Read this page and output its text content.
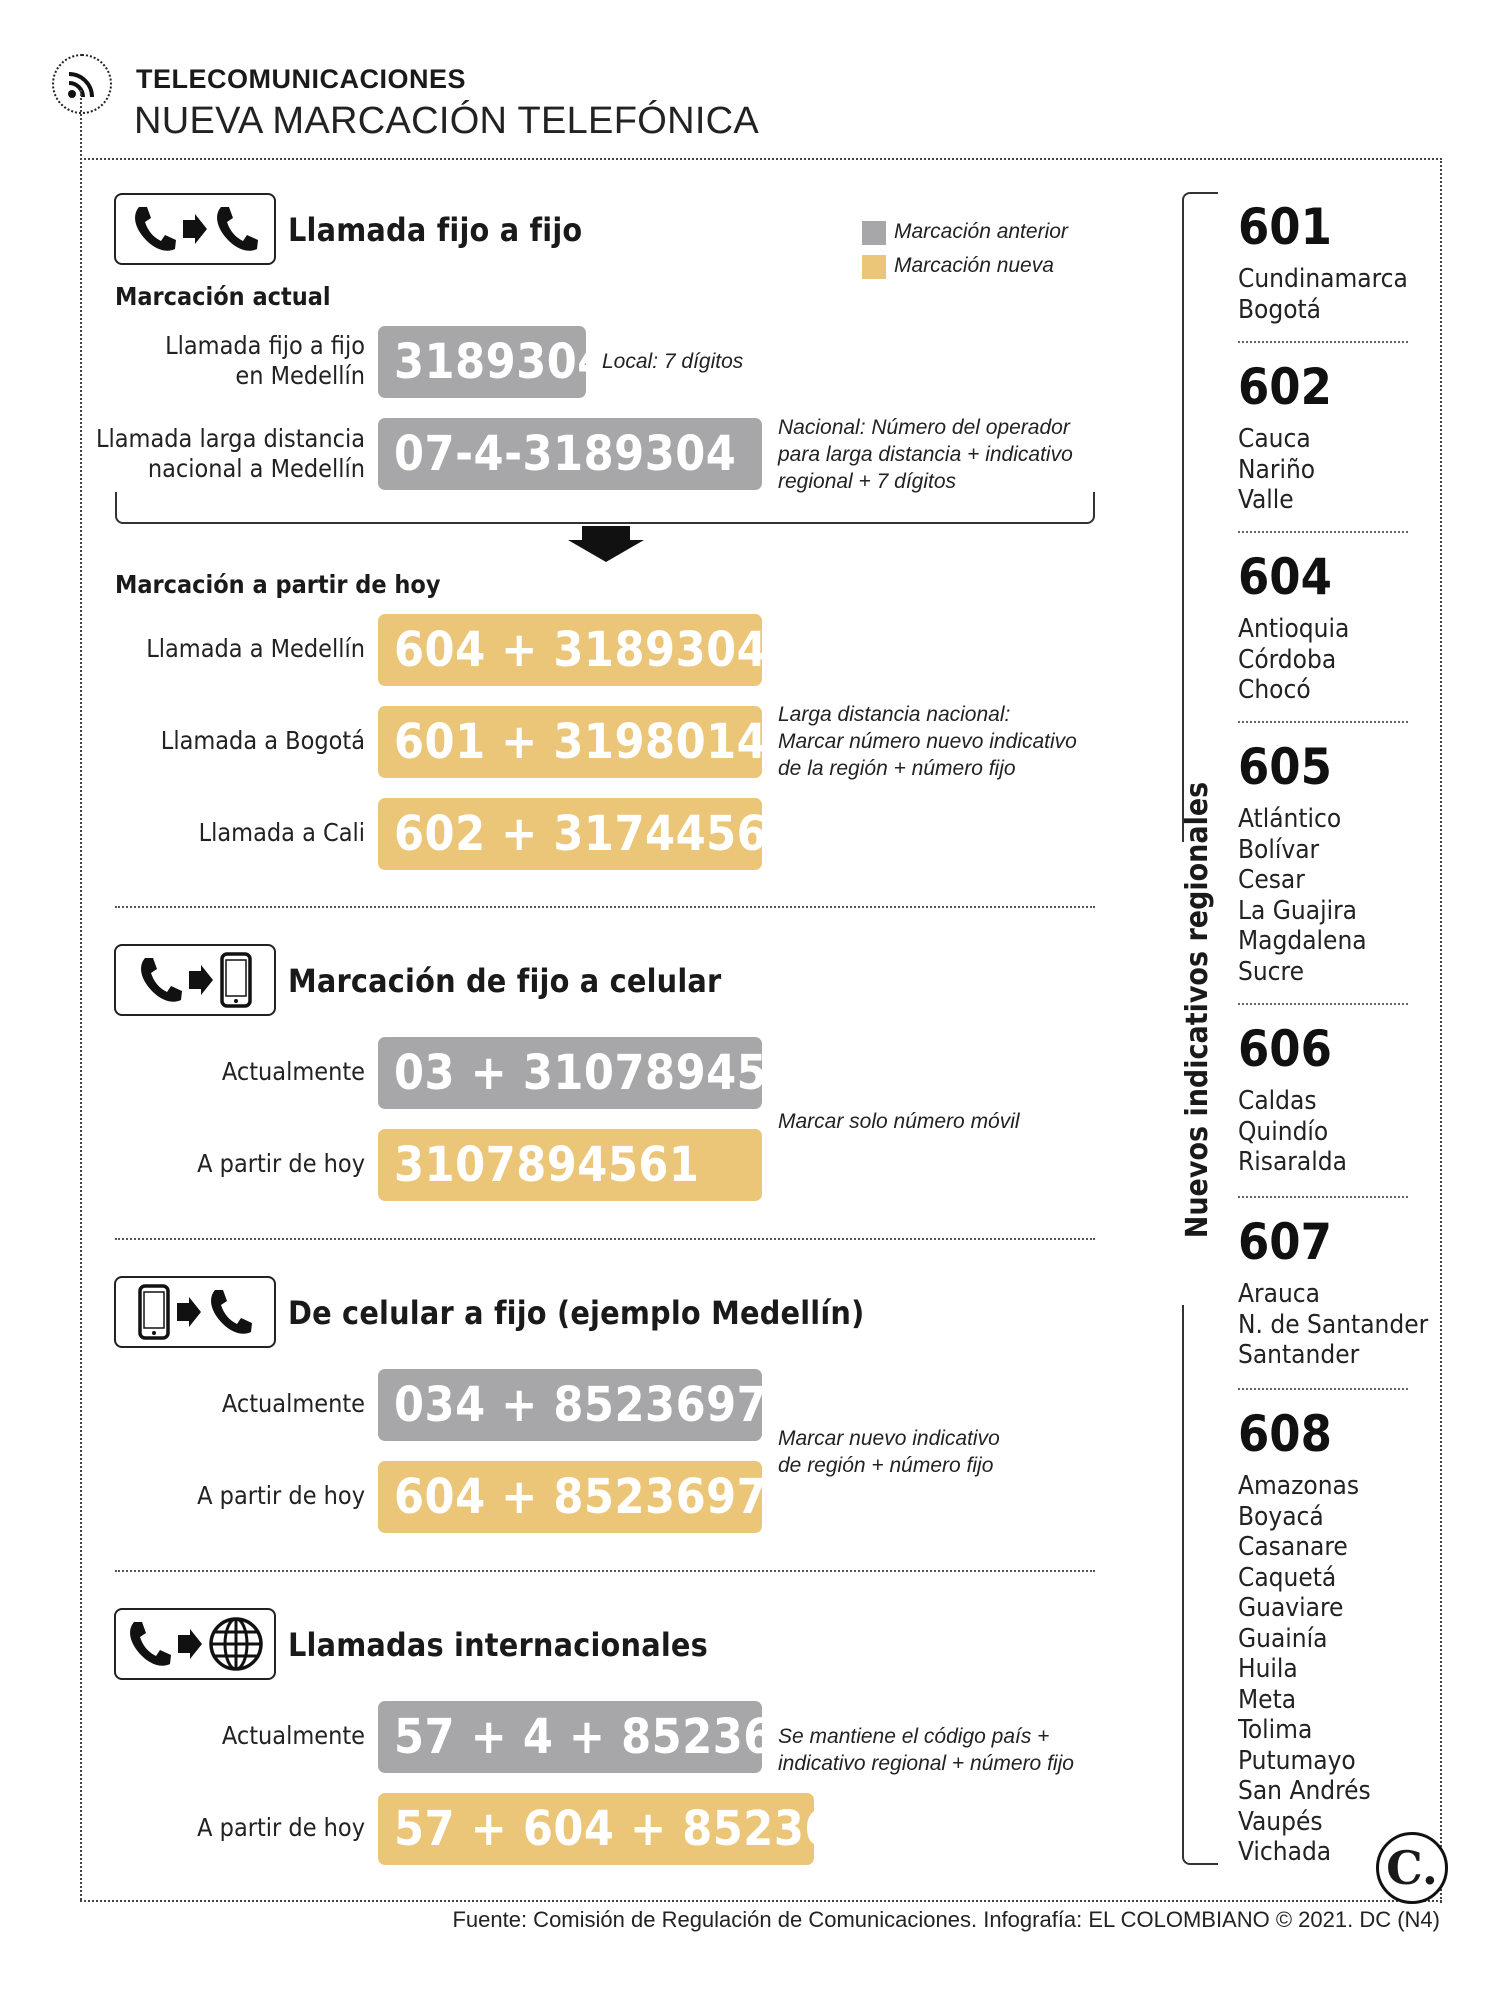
TELECOMUNICACIONES
NUEVA MARCACIÓN TELEFÓNICA
Llamada fijo a fijo	Marcación anterior
Marcación nueva
Marcación actual
Llamada fijo a fijo
en Medellín 3189304
Local: 7 dígitos
Llamada larga distancia
nacional a Medellín 07-4-3189304	Nacional: Número del operador
para larga distancia + indicativo
regional + 7 dígitos
Marcación a partir de hoy
Llamada a Medellín 604 + 3189304
Llamada a Bogotá 601 + 3198014 Larga distancia nacional:
Marcar número nuevo indicativo
de la región + número fijo
Llamada a Cali 602 + 3174456
Marcación de fijo a celular
Actualmente 03 + 3107894561
A partir de hoy 3107894561
Marcar solo número móvil
De celular a fijo (ejemplo Medellín)
Actualmente 034 + 8523697
A partir de hoy 604 + 8523697
Marcar nuevo indicativo
de región + número fijo
Llamadas internacionales
Actualmente 57 + 4 + 8523697
A partir de hoy 57 + 604 + 8523697
Se mantiene el código país +
indicativo regional + número fijo
Nuevos indicativos regionales
601
Cundinamarca
Bogotá
602
Cauca
Nariño
Valle
604
Antioquia
Córdoba
Chocó
605
Atlántico
Bolívar
Cesar
La Guajira
Magdalena
Sucre
606
Caldas
Quindío
Risaralda
607
Arauca
N. de Santander
Santander
608
Amazonas
Boyacá
Casanare
Caquetá
Guaviare
Guainía
Huila
Meta
Tolima
Putumayo
San Andrés
Vaupés
Vichada	C.
Fuente: Comisión de Regulación de Comunicaciones. Infografía: EL COLOMBIANO © 2021. DC (N4)
